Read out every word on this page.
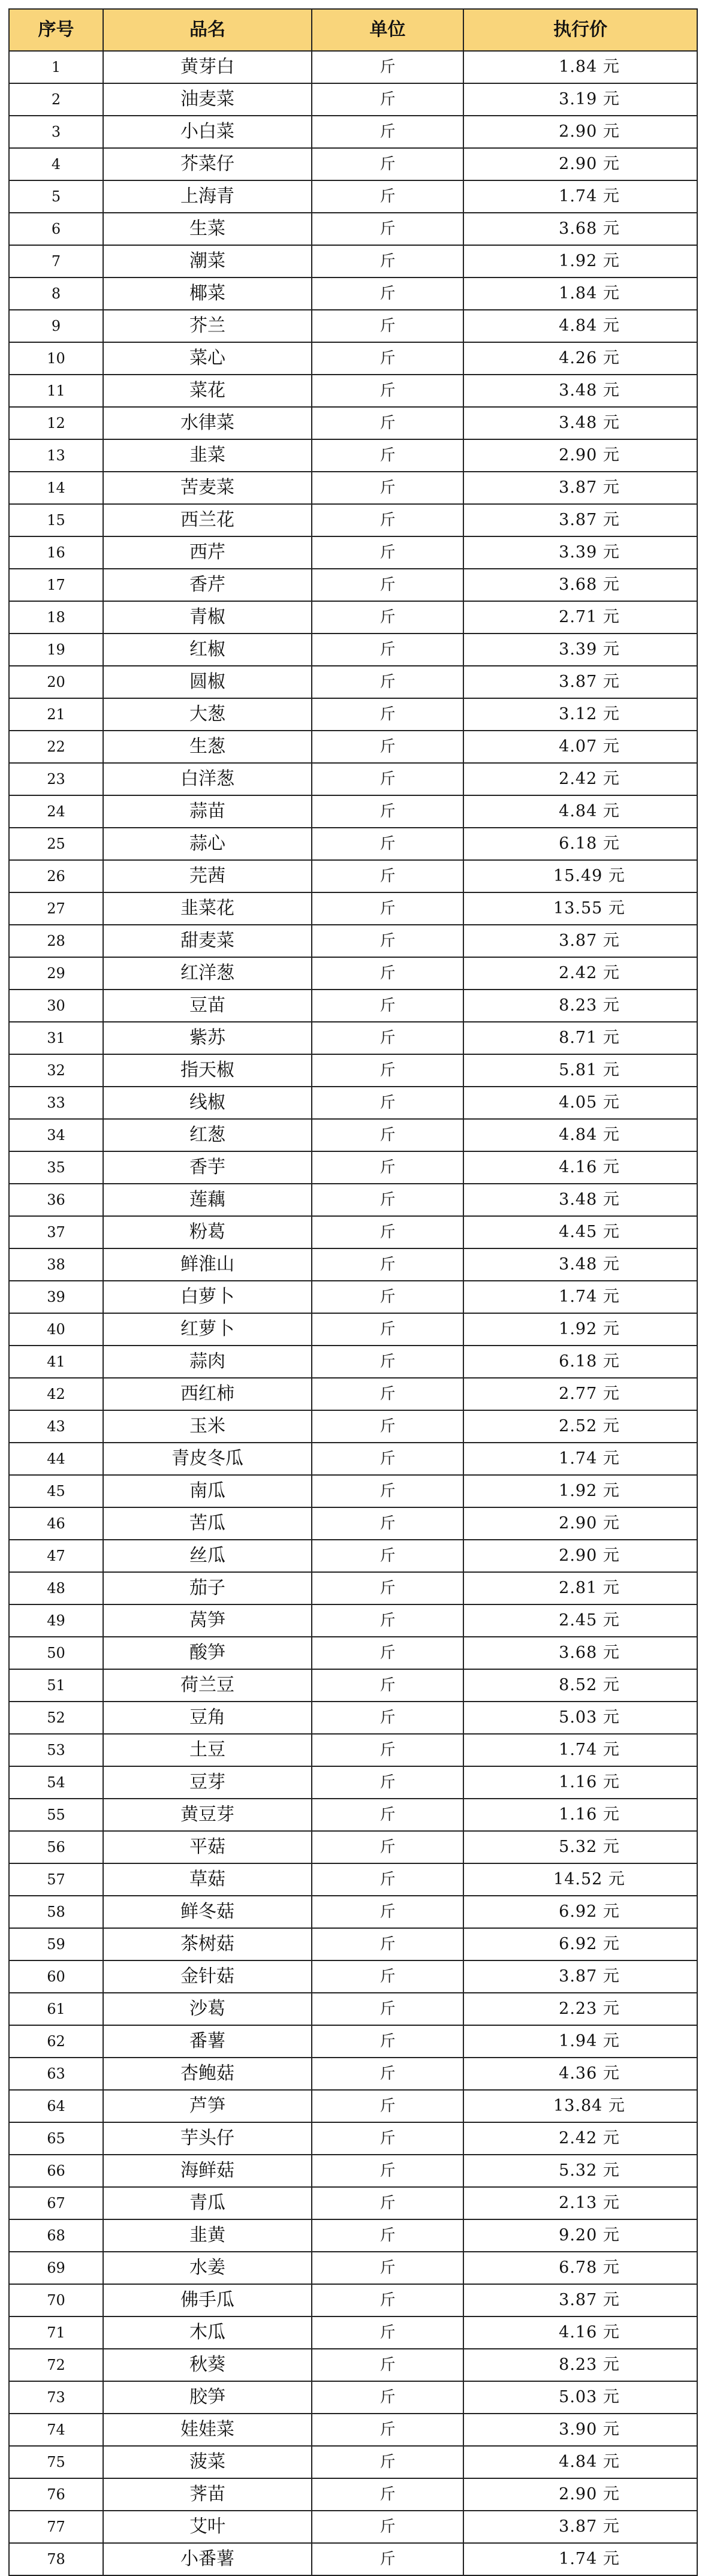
序号	品名	单位	执行价
1	黄芽白	斤	1.84 元
2	油麦菜	斤	3.19 元
3	小白菜	斤	2.90 元
4	芥菜仔	斤	2.90 元
5	上海青	斤	1.74 元
6	生菜	斤	3.68 元
7	潮菜	斤	1.92 元
8	椰菜	斤	1.84 元
9	芥兰	斤	4.84 元
10	菜心	斤	4.26 元
11	菜花	斤	3.48 元
12	水律菜	斤	3.48 元
13	韭菜	斤	2.90 元
14	苦麦菜	斤	3.87 元
15	西兰花	斤	3.87 元
16	西芹	斤	3.39 元
17	香芹	斤	3.68 元
18	青椒	斤	2.71 元
19	红椒	斤	3.39 元
20	圆椒	斤	3.87 元
21	大葱	斤	3.12 元
22	生葱	斤	4.07 元
23	白洋葱	斤	2.42 元
24	蒜苗	斤	4.84 元
25	蒜心	斤	6.18 元
26	芫茜	斤	15.49 元
27	韭菜花	斤	13.55 元
28	甜麦菜	斤	3.87 元
29	红洋葱	斤	2.42 元
30	豆苗	斤	8.23 元
31	紫苏	斤	8.71 元
32	指天椒	斤	5.81 元
33	线椒	斤	4.05 元
34	红葱	斤	4.84 元
35	香芋	斤	4.16 元
36	莲藕	斤	3.48 元
37	粉葛	斤	4.45 元
38	鲜淮山	斤	3.48 元
39	白萝卜	斤	1.74 元
40	红萝卜	斤	1.92 元
41	蒜肉	斤	6.18 元
42	西红柿	斤	2.77 元
43	玉米	斤	2.52 元
44	青皮冬瓜	斤	1.74 元
45	南瓜	斤	1.92 元
46	苦瓜	斤	2.90 元
47	丝瓜	斤	2.90 元
48	茄子	斤	2.81 元
49	莴笋	斤	2.45 元
50	酸笋	斤	3.68 元
51	荷兰豆	斤	8.52 元
52	豆角	斤	5.03 元
53	土豆	斤	1.74 元
54	豆芽	斤	1.16 元
55	黄豆芽	斤	1.16 元
56	平菇	斤	5.32 元
57	草菇	斤	14.52 元
58	鲜冬菇	斤	6.92 元
59	茶树菇	斤	6.92 元
60	金针菇	斤	3.87 元
61	沙葛	斤	2.23 元
62	番薯	斤	1.94 元
63	杏鲍菇	斤	4.36 元
64	芦笋	斤	13.84 元
65	芋头仔	斤	2.42 元
66	海鲜菇	斤	5.32 元
67	青瓜	斤	2.13 元
68	韭黄	斤	9.20 元
69	水姜	斤	6.78 元
70	佛手瓜	斤	3.87 元
71	木瓜	斤	4.16 元
72	秋葵	斤	8.23 元
73	胶笋	斤	5.03 元
74	娃娃菜	斤	3.90 元
75	菠菜	斤	4.84 元
76	荠苗	斤	2.90 元
77	艾叶	斤	3.87 元
78	小番薯	斤	1.74 元
